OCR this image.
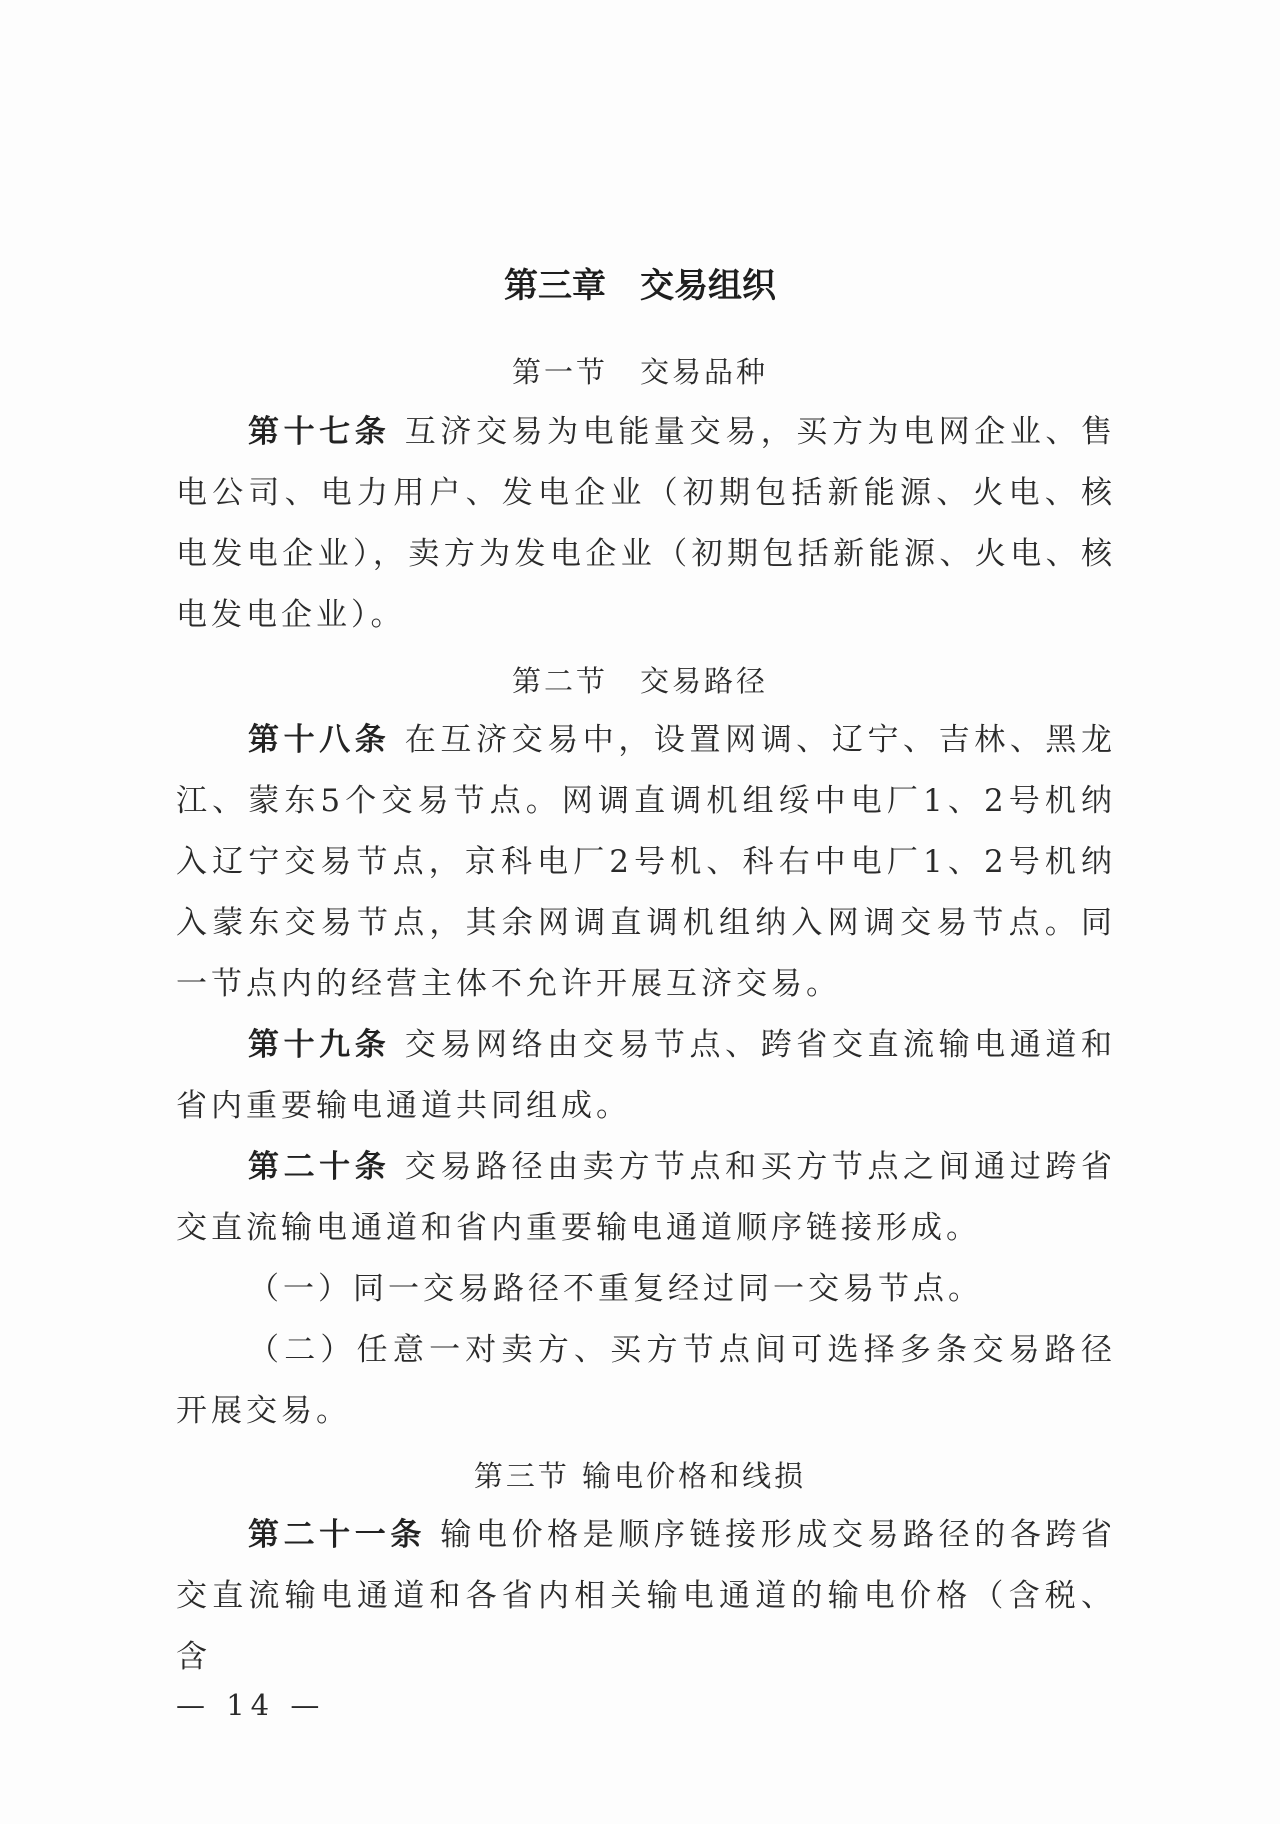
第三章　交易组织
第一节　交易品种

第十七条 互济交易为电能量交易，买方为电网企业、售电公司、电力用户、发电企业（初期包括新能源、火电、核电发电企业），卖方为发电企业（初期包括新能源、火电、核电发电企业）。

第二节　交易路径

第十八条 在互济交易中，设置网调、辽宁、吉林、黑龙江、蒙东5个交易节点。网调直调机组绥中电厂1、2号机纳入辽宁交易节点，京科电厂2号机、科右中电厂1、2号机纳入蒙东交易节点，其余网调直调机组纳入网调交易节点。同一节点内的经营主体不允许开展互济交易。

第十九条 交易网络由交易节点、跨省交直流输电通道和省内重要输电通道共同组成。

第二十条 交易路径由卖方节点和买方节点之间通过跨省交直流输电通道和省内重要输电通道顺序链接形成。

（一）同一交易路径不重复经过同一交易节点。

（二）任意一对卖方、买方节点间可选择多条交易路径开展交易。

第三节 输电价格和线损

第二十一条 输电价格是顺序链接形成交易路径的各跨省交直流输电通道和各省内相关输电通道的输电价格（含税、含

— 14 —
